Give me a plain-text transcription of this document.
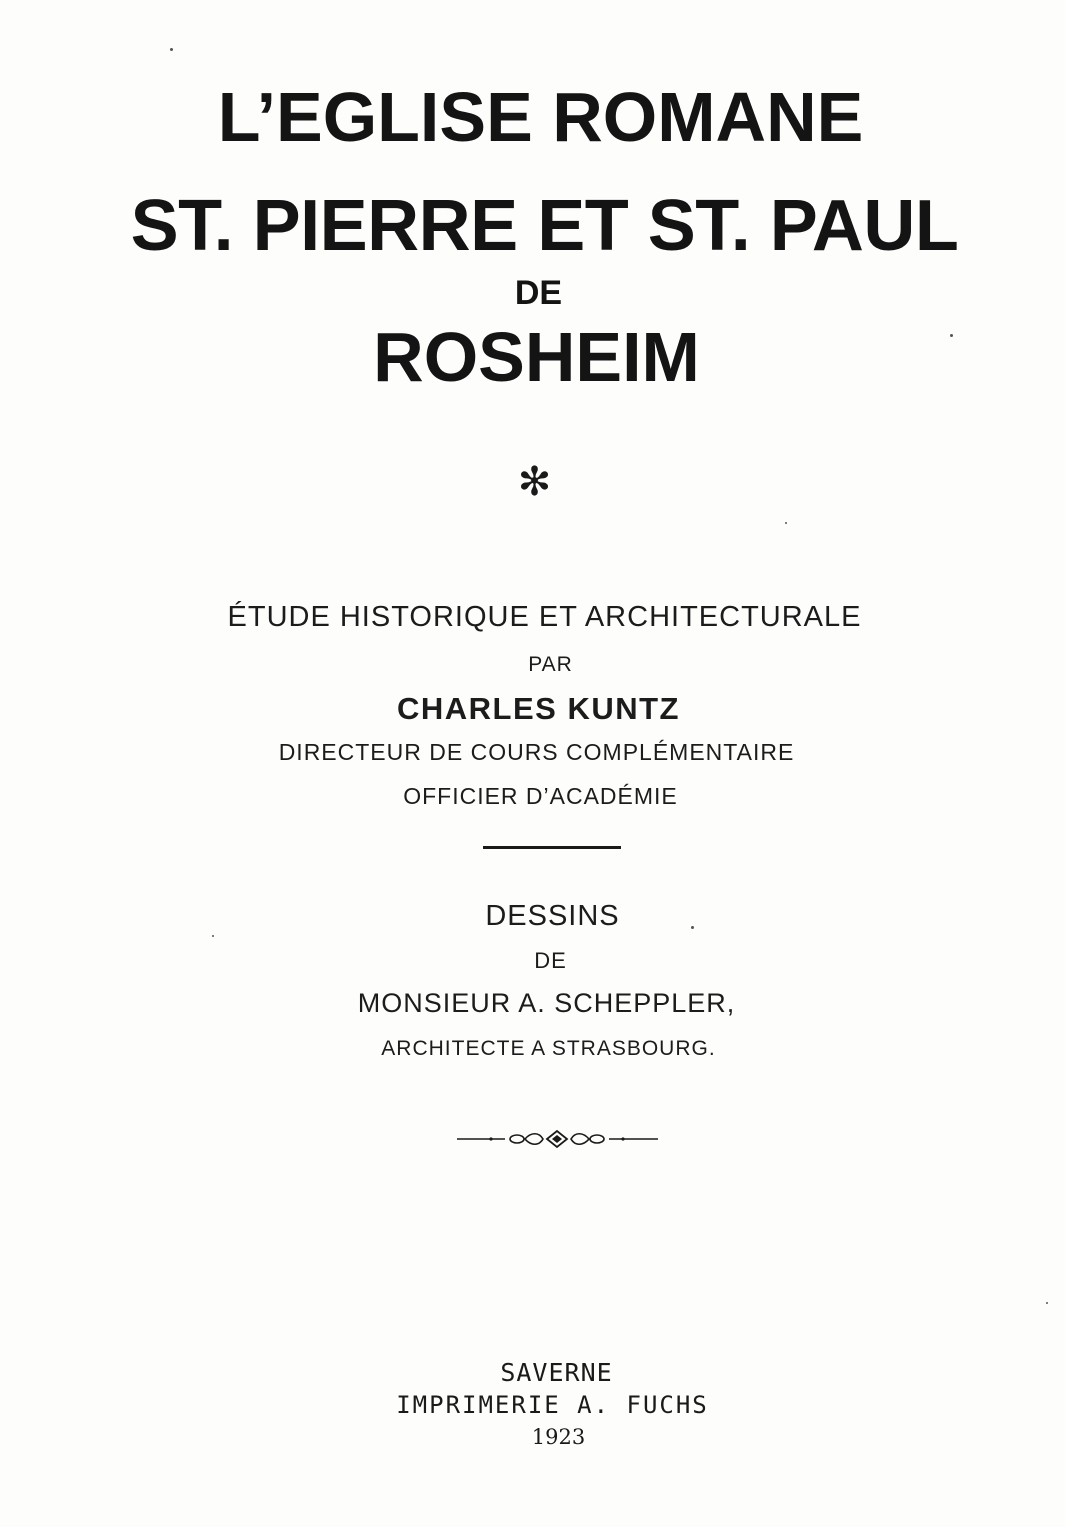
L’EGLISE ROMANE
ST. PIERRE ET ST. PAUL
DE
ROSHEIM
✻
ÉTUDE HISTORIQUE ET ARCHITECTURALE
PAR
CHARLES KUNTZ
DIRECTEUR DE COURS COMPLÉMENTAIRE
OFFICIER D’ACADÉMIE
DESSINS
DE
MONSIEUR A. SCHEPPLER,
ARCHITECTE A STRASBOURG.
SAVERNE
IMPRIMERIE A. FUCHS
1923
